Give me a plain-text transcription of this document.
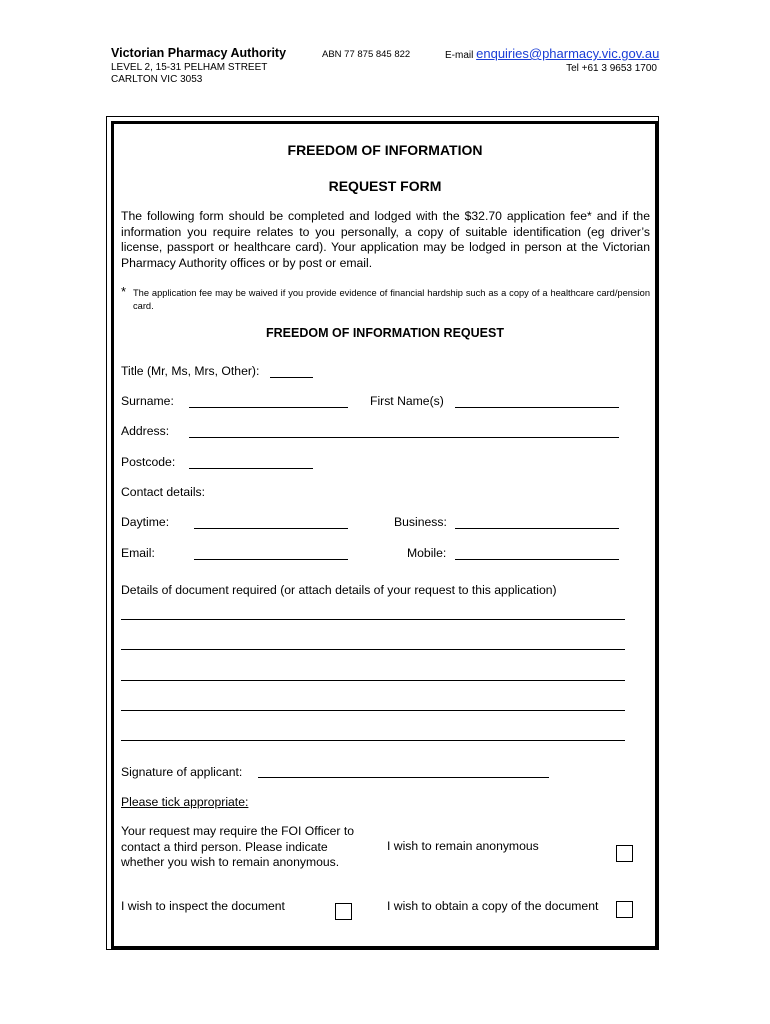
Victorian Pharmacy Authority
LEVEL 2, 15-31 PELHAM STREET
CARLTON VIC 3053
ABN 77 875 845 822	E-mail enquiries@pharmacy.vic.gov.au
Tel +61 3 9653 1700
FREEDOM OF INFORMATION
REQUEST FORM
The following form should be completed and lodged with the $32.70 application fee* and if the information you require relates to you personally, a copy of suitable identification (eg driver’s license, passport or healthcare card). Your application may be lodged in person at the Victorian Pharmacy Authority offices or by post or email.
* The application fee may be waived if you provide evidence of financial hardship such as a copy of a healthcare card/pension card.
FREEDOM OF INFORMATION REQUEST
Title (Mr, Ms, Mrs, Other):
Surname:	First Name(s)
Address:
Postcode:
Contact details:
Daytime:	Business:
Email:	Mobile:
Details of document required (or attach details of your request to this application)
Signature of applicant:
Please tick appropriate:
Your request may require the FOI Officer to contact a third person. Please indicate whether you wish to remain anonymous.
I wish to remain anonymous
I wish to inspect the document	I wish to obtain a copy of the document
